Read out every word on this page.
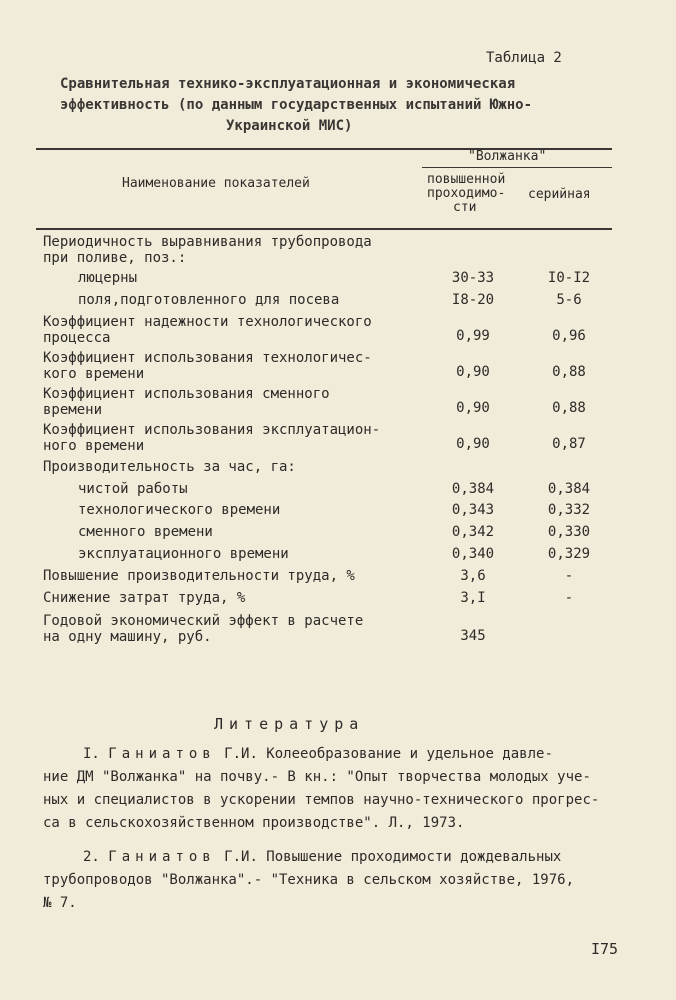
Таблица 2
Сравнительная технико-эксплуатационная и экономическая
эффективность (по данным государственных испытаний Южно-
Украинской МИС)
Наименование показателей
"Волжанка"
повышенной
проходимо-
сти
серийная
Периодичность выравнивания трубопровода
при поливе, поз.:
люцерны	30-33	I0-I2
поля,подготовленного для посева	I8-20	5-6
Коэффициент надежности технологического
процесса	0,99	0,96
Коэффициент использования технологичес-
кого времени	0,90	0,88
Коэффициент использования сменного
времени	0,90	0,88
Коэффициент использования эксплуатацион-
ного времени	0,90	0,87
Производительность за час, га:
чистой работы	0,384	0,384
технологического времени	0,343	0,332
сменного времени	0,342	0,330
эксплуатационного времени	0,340	0,329
Повышение производительности труда, %	3,6	-
Снижение затрат труда, %	3,I	-
Годовой экономический эффект в расчете
на одну машину, руб.	345
Литература
I. Ганиатов Г.И. Колееобразование и удельное давле-
ние ДМ "Волжанка" на почву.- В кн.: "Опыт творчества молодых уче-
ных и специалистов в ускорении темпов научно-технического прогрес-
са в сельскохозяйственном производстве". Л., 1973.
2. Ганиатов Г.И. Повышение проходимости дождевальных
трубопроводов "Волжанка".- "Техника в сельском хозяйстве, 1976,
№ 7.
I75
